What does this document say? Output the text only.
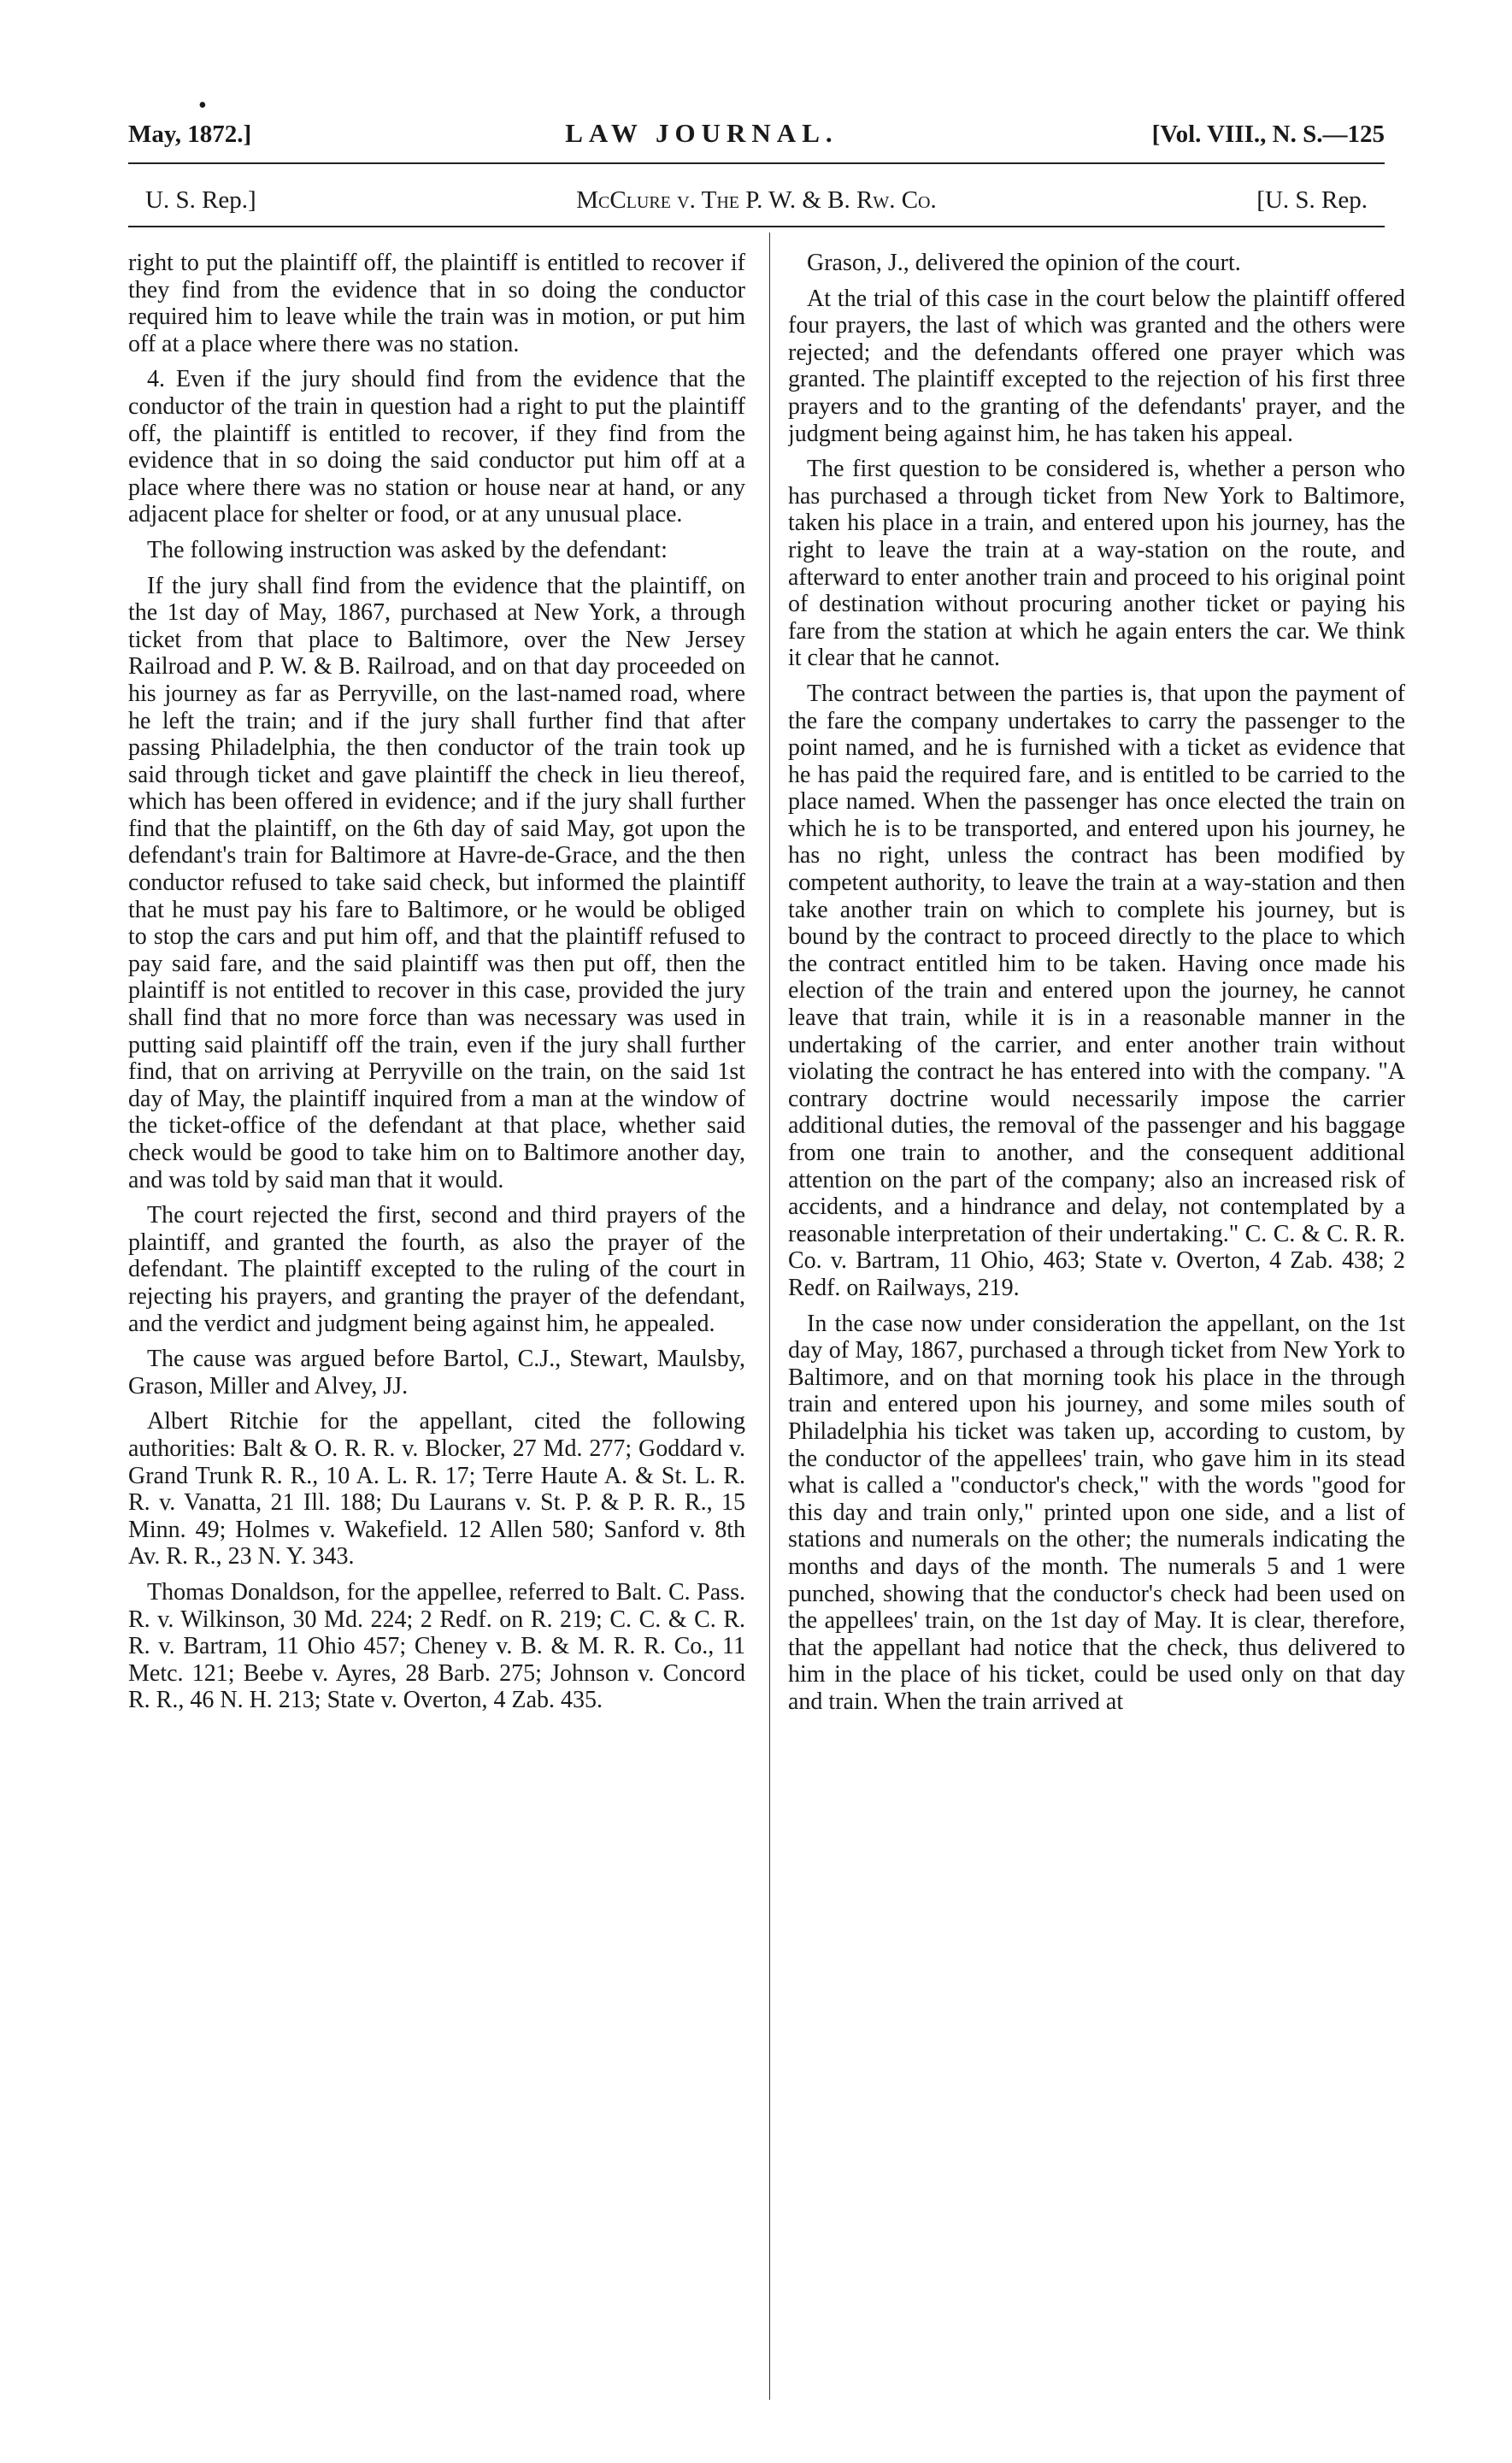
•
May, 1872.]	LAW JOURNAL.	[Vol. VIII., N. S.—125
U. S. Rep.]	McClure v. The P. W. & B. Rw. Co.	[U. S. Rep.

right to put the plaintiff off, the plaintiff is entitled to recover if they find from the evidence that in so doing the conductor required him to leave while the train was in motion, or put him off at a place where there was no station.

4. Even if the jury should find from the evidence that the conductor of the train in question had a right to put the plaintiff off, the plaintiff is entitled to recover, if they find from the evidence that in so doing the said conductor put him off at a place where there was no station or house near at hand, or any adjacent place for shelter or food, or at any unusual place.

The following instruction was asked by the defendant:

If the jury shall find from the evidence that the plaintiff, on the 1st day of May, 1867, purchased at New York, a through ticket from that place to Baltimore, over the New Jersey Railroad and P. W. & B. Railroad, and on that day proceeded on his journey as far as Perryville, on the last-named road, where he left the train; and if the jury shall further find that after passing Philadelphia, the then conductor of the train took up said through ticket and gave plaintiff the check in lieu thereof, which has been offered in evidence; and if the jury shall further find that the plaintiff, on the 6th day of said May, got upon the defendant's train for Baltimore at Havre-de-Grace, and the then conductor refused to take said check, but informed the plaintiff that he must pay his fare to Baltimore, or he would be obliged to stop the cars and put him off, and that the plaintiff refused to pay said fare, and the said plaintiff was then put off, then the plaintiff is not entitled to recover in this case, provided the jury shall find that no more force than was necessary was used in putting said plaintiff off the train, even if the jury shall further find, that on arriving at Perryville on the train, on the said 1st day of May, the plaintiff inquired from a man at the window of the ticket-office of the defendant at that place, whether said check would be good to take him on to Baltimore another day, and was told by said man that it would.

The court rejected the first, second and third prayers of the plaintiff, and granted the fourth, as also the prayer of the defendant. The plaintiff excepted to the ruling of the court in rejecting his prayers, and granting the prayer of the defendant, and the verdict and judgment being against him, he appealed.

The cause was argued before Bartol, C.J., Stewart, Maulsby, Grason, Miller and Alvey, JJ.

Albert Ritchie for the appellant, cited the following authorities: Balt & O. R. R. v. Blocker, 27 Md. 277; Goddard v. Grand Trunk R. R., 10 A. L. R. 17; Terre Haute A. & St. L. R. R. v. Vanatta, 21 Ill. 188; Du Laurans v. St. P. & P. R. R., 15 Minn. 49; Holmes v. Wakefield. 12 Allen 580; Sanford v. 8th Av. R. R., 23 N. Y. 343.

Thomas Donaldson, for the appellee, referred to Balt. C. Pass. R. v. Wilkinson, 30 Md. 224; 2 Redf. on R. 219; C. C. & C. R. R. v. Bartram, 11 Ohio 457; Cheney v. B. & M. R. R. Co., 11 Metc. 121; Beebe v. Ayres, 28 Barb. 275; Johnson v. Concord R. R., 46 N. H. 213; State v. Overton, 4 Zab. 435.

Grason, J., delivered the opinion of the court.

At the trial of this case in the court below the plaintiff offered four prayers, the last of which was granted and the others were rejected; and the defendants offered one prayer which was granted. The plaintiff excepted to the rejection of his first three prayers and to the granting of the defendants' prayer, and the judgment being against him, he has taken his appeal.

The first question to be considered is, whether a person who has purchased a through ticket from New York to Baltimore, taken his place in a train, and entered upon his journey, has the right to leave the train at a way-station on the route, and afterward to enter another train and proceed to his original point of destination without procuring another ticket or paying his fare from the station at which he again enters the car. We think it clear that he cannot.

The contract between the parties is, that upon the payment of the fare the company undertakes to carry the passenger to the point named, and he is furnished with a ticket as evidence that he has paid the required fare, and is entitled to be carried to the place named. When the passenger has once elected the train on which he is to be transported, and entered upon his journey, he has no right, unless the contract has been modified by competent authority, to leave the train at a way-station and then take another train on which to complete his journey, but is bound by the contract to proceed directly to the place to which the contract entitled him to be taken. Having once made his election of the train and entered upon the journey, he cannot leave that train, while it is in a reasonable manner in the undertaking of the carrier, and enter another train without violating the contract he has entered into with the company. "A contrary doctrine would necessarily impose the carrier additional duties, the removal of the passenger and his baggage from one train to another, and the consequent additional attention on the part of the company; also an increased risk of accidents, and a hindrance and delay, not contemplated by a reasonable interpretation of their undertaking." C. C. & C. R. R. Co. v. Bartram, 11 Ohio, 463; State v. Overton, 4 Zab. 438; 2 Redf. on Railways, 219.

In the case now under consideration the appellant, on the 1st day of May, 1867, purchased a through ticket from New York to Baltimore, and on that morning took his place in the through train and entered upon his journey, and some miles south of Philadelphia his ticket was taken up, according to custom, by the conductor of the appellees' train, who gave him in its stead what is called a "conductor's check," with the words "good for this day and train only," printed upon one side, and a list of stations and numerals on the other; the numerals indicating the months and days of the month. The numerals 5 and 1 were punched, showing that the conductor's check had been used on the appellees' train, on the 1st day of May. It is clear, therefore, that the appellant had notice that the check, thus delivered to him in the place of his ticket, could be used only on that day and train. When the train arrived at
